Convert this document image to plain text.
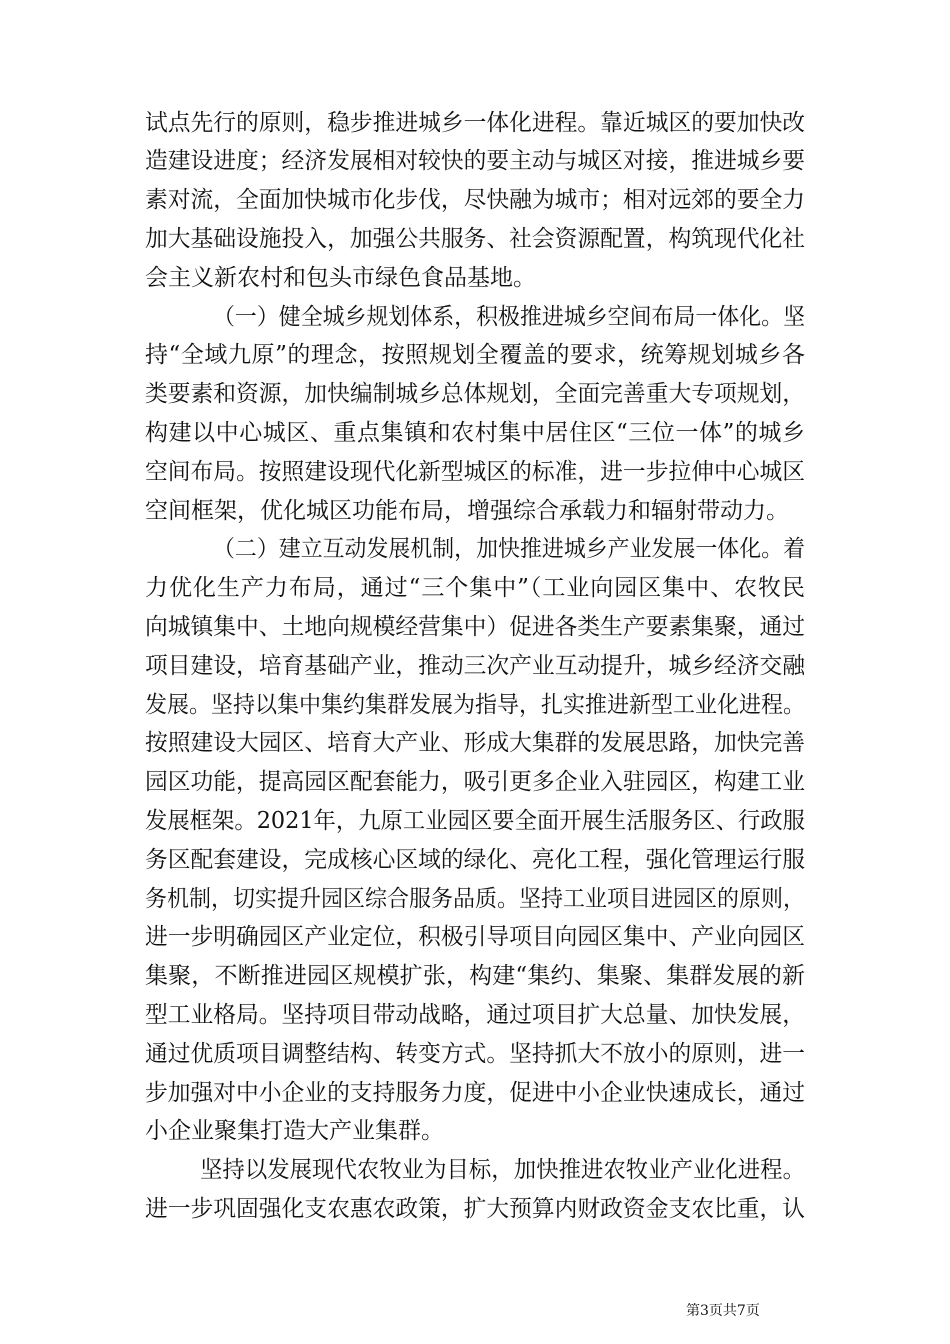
试点先行的原则，稳步推进城乡一体化进程。靠近城区的要加快改
造建设进度；经济发展相对较快的要主动与城区对接，推进城乡要
素对流，全面加快城市化步伐，尽快融为城市；相对远郊的要全力
加大基础设施投入，加强公共服务、社会资源配置，构筑现代化社
会主义新农村和包头市绿色食品基地。
（一）健全城乡规划体系，积极推进城乡空间布局一体化。坚
持“全域九原”的理念，按照规划全覆盖的要求，统筹规划城乡各
类要素和资源，加快编制城乡总体规划，全面完善重大专项规划，
构建以中心城区、重点集镇和农村集中居住区“三位一体”的城乡
空间布局。按照建设现代化新型城区的标准，进一步拉伸中心城区
空间框架，优化城区功能布局，增强综合承载力和辐射带动力。
（二）建立互动发展机制，加快推进城乡产业发展一体化。着
力优化生产力布局，通过“三个集中”（工业向园区集中、农牧民
向城镇集中、土地向规模经营集中）促进各类生产要素集聚，通过
项目建设，培育基础产业，推动三次产业互动提升，城乡经济交融
发展。坚持以集中集约集群发展为指导，扎实推进新型工业化进程。
按照建设大园区、培育大产业、形成大集群的发展思路，加快完善
园区功能，提高园区配套能力，吸引更多企业入驻园区，构建工业
发展框架。2021年，九原工业园区要全面开展生活服务区、行政服
务区配套建设，完成核心区域的绿化、亮化工程，强化管理运行服
务机制，切实提升园区综合服务品质。坚持工业项目进园区的原则，
进一步明确园区产业定位，积极引导项目向园区集中、产业向园区
集聚，不断推进园区规模扩张，构建“集约、集聚、集群发展的新
型工业格局。坚持项目带动战略，通过项目扩大总量、加快发展，
通过优质项目调整结构、转变方式。坚持抓大不放小的原则，进一
步加强对中小企业的支持服务力度，促进中小企业快速成长，通过
小企业聚集打造大产业集群。
坚持以发展现代农牧业为目标，加快推进农牧业产业化进程。
进一步巩固强化支农惠农政策，扩大预算内财政资金支农比重，认
第3页共7页
